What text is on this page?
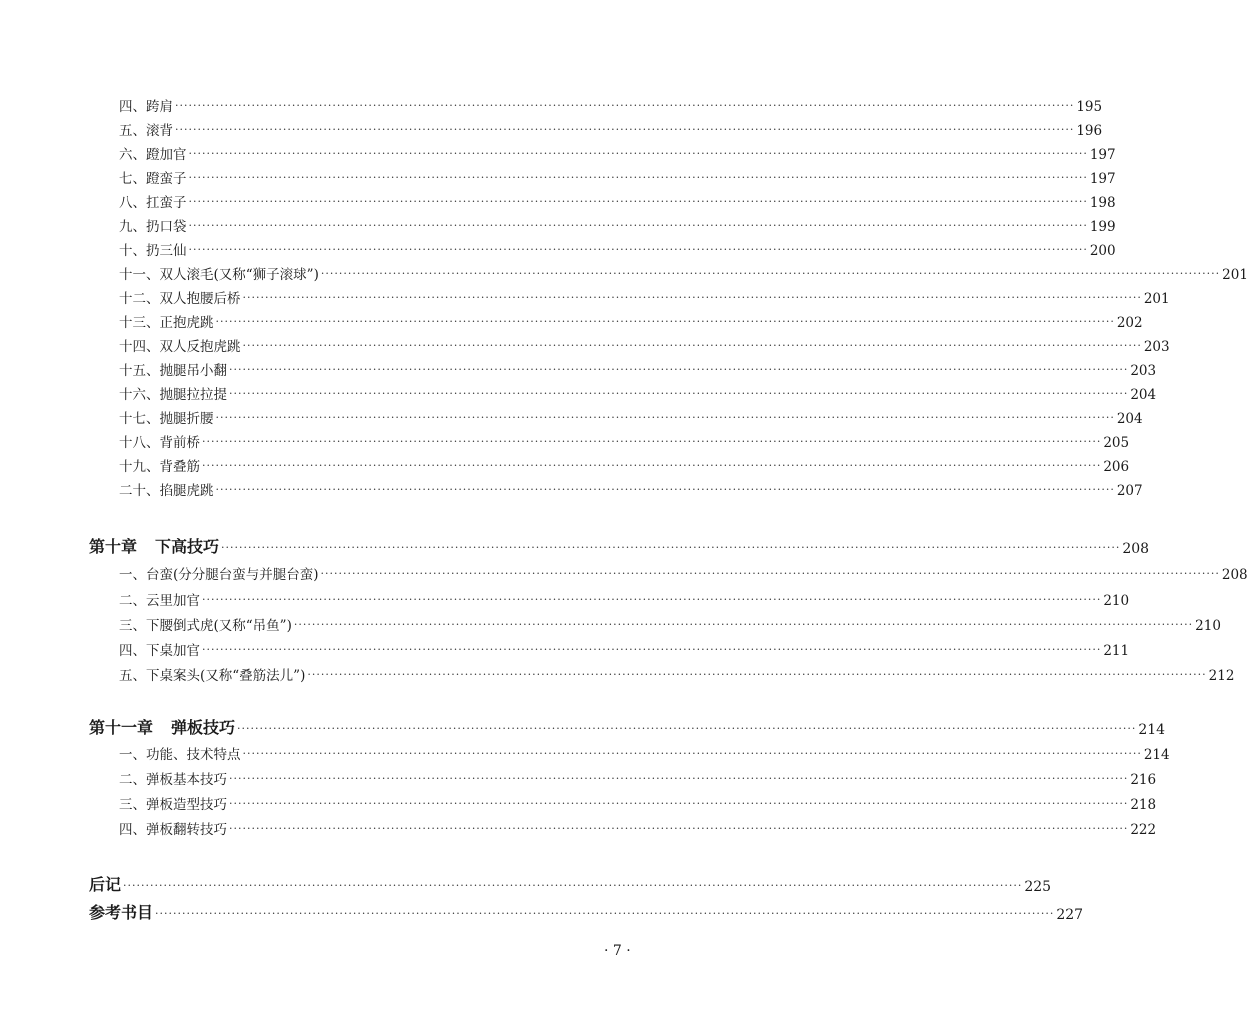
四、跨肩 ········································································································································································································ 195
五、滚背 ········································································································································································································ 196
六、蹬加官 ········································································································································································································ 197
七、蹬蛮子 ········································································································································································································ 197
八、扛蛮子 ········································································································································································································ 198
九、扔口袋 ········································································································································································································ 199
十、扔三仙 ········································································································································································································ 200
十一、双人滚毛(又称“狮子滚球”) ········································································································································································································ 201
十二、双人抱腰后桥 ········································································································································································································ 201
十三、正抱虎跳 ········································································································································································································ 202
十四、双人反抱虎跳 ········································································································································································································ 203
十五、抛腿吊小翻 ········································································································································································································ 203
十六、抛腿拉拉提 ········································································································································································································ 204
十七、抛腿折腰 ········································································································································································································ 204
十八、背前桥 ········································································································································································································ 205
十九、背叠筋 ········································································································································································································ 206
二十、掐腿虎跳 ········································································································································································································ 207
第十章 下高技巧 ········································································································································································································ 208
一、台蛮(分分腿台蛮与并腿台蛮) ········································································································································································································ 208
二、云里加官 ········································································································································································································ 210
三、下腰倒式虎(又称“吊鱼”) ········································································································································································································ 210
四、下桌加官 ········································································································································································································ 211
五、下桌案头(又称“叠筋法儿”) ········································································································································································································ 212
第十一章 弹板技巧 ········································································································································································································ 214
一、功能、技术特点 ········································································································································································································ 214
二、弹板基本技巧 ········································································································································································································ 216
三、弹板造型技巧 ········································································································································································································ 218
四、弹板翻转技巧 ········································································································································································································ 222
后记 ········································································································································································································ 225
参考书目 ········································································································································································································ 227
· 7 ·
